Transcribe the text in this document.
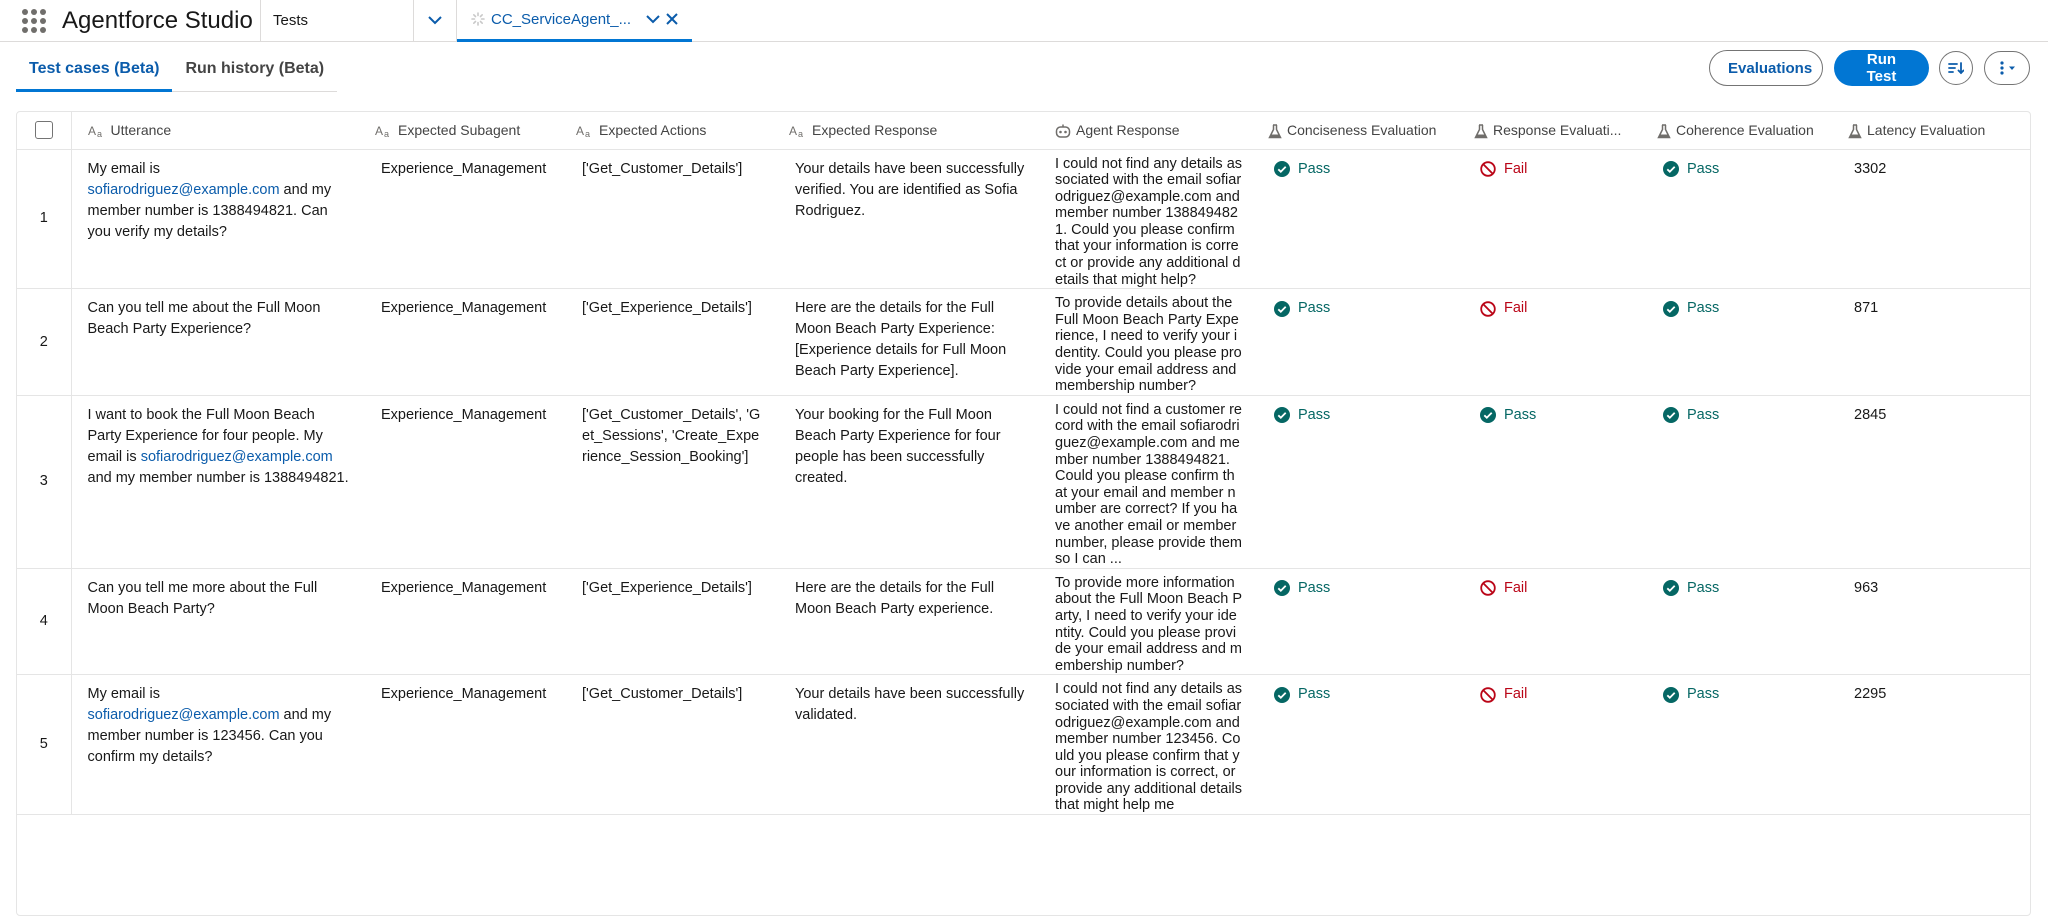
Agentforce Studio	Tests	CC_ServiceAgent_...
Test cases (Beta)	Run history (Beta)	Evaluations	Run Test

A a Utterance	A a Expected Subagent	A a Expected Actions	A a Expected Response	Agent Response	Conciseness Evaluation	Response Evaluati...	Coherence Evaluation	Latency Evaluation
1	My email is sofiarodriguez@example.com and my member number is 1388494821. Can you verify my details?	Experience_Management	['Get_Customer_Details']	Your details have been successfully verified. You are identified as Sofia Rodriguez.	I could not find any details associated with the email sofiarodriguez@example.com and member number 1388494821. Could you please confirm that your information is correct or provide any additional details that might help?	Pass	Fail	Pass	3302
2	Can you tell me about the Full Moon Beach Party Experience?	Experience_Management	['Get_Experience_Details']	Here are the details for the Full Moon Beach Party Experience: [Experience details for Full Moon Beach Party Experience].	To provide details about the Full Moon Beach Party Experience, I need to verify your identity. Could you please provide your email address and membership number?	Pass	Fail	Pass	871
3	I want to book the Full Moon Beach Party Experience for four people. My email is sofiarodriguez@example.com and my member number is 1388494821.	Experience_Management	['Get_Customer_Details', 'Get_Sessions', 'Create_Experience_Session_Booking']	Your booking for the Full Moon Beach Party Experience for four people has been successfully created.	I could not find a customer record with the email sofiarodriguez@example.com and member number 1388494821. Could you please confirm that your email and member number are correct? If you have another email or member number, please provide them so I can ...	Pass	Pass	Pass	2845
4	Can you tell me more about the Full Moon Beach Party?	Experience_Management	['Get_Experience_Details']	Here are the details for the Full Moon Beach Party experience.	To provide more information about the Full Moon Beach Party, I need to verify your identity. Could you please provide your email address and membership number?	Pass	Fail	Pass	963
5	My email is sofiarodriguez@example.com and my member number is 123456. Can you confirm my details?	Experience_Management	['Get_Customer_Details']	Your details have been successfully validated.	I could not find any details associated with the email sofiarodriguez@example.com and member number 123456. Could you please confirm that your information is correct, or provide any additional details that might help me	Pass	Fail	Pass	2295
